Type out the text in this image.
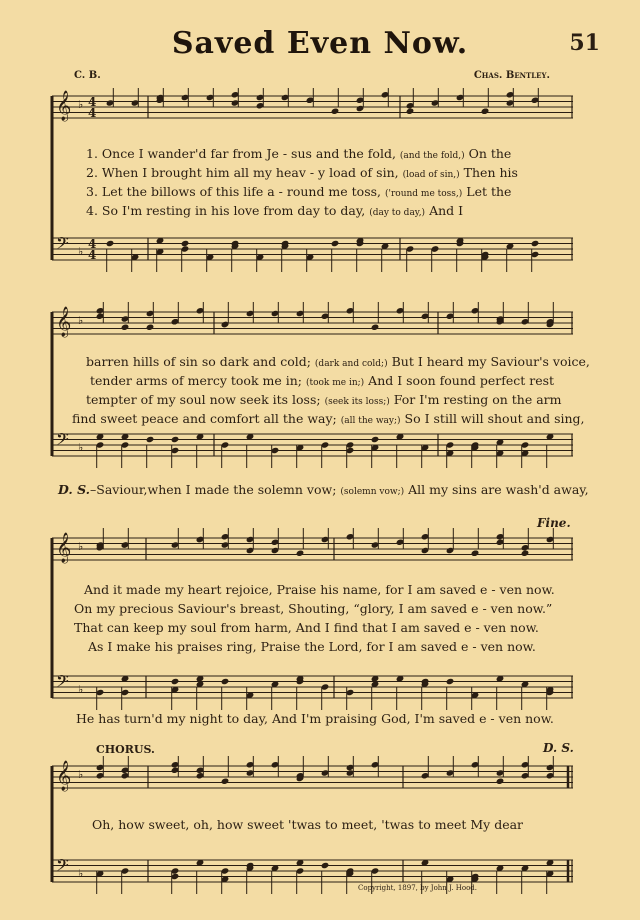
Saved Even Now.	51
C. B.	Chas. Bentley.
𝄞 ♭ 4
4
𝄢 ♭
4
4
1. Once I wander'd far from Je - sus and the fold, (and the fold,) On the
2. When I brought him all my heav - y load of sin, (load of sin,) Then his
3. Let the billows of this life a - round me toss, ('round me toss,) Let the
4. So I'm resting in his love from day to day, (day to day,) And I
𝄞 ♭
𝄢 ♭
barren hills of sin so dark and cold; (dark and cold;) But I heard my Saviour's voice,
tender arms of mercy took me in; (took me in;) And I soon found perfect rest
tempter of my soul now seek its loss; (seek its loss;) For I'm resting on the arm
find sweet peace and comfort all the way; (all the way;) So I still will shout and sing,
D. S.–Saviour,when I made the solemn vow; (solemn vow;) All my sins are wash'd away,
𝄞 ♭
𝄢 ♭
Fine.
And it made my heart rejoice, Praise his name, for I am saved e - ven now.
On my precious Saviour's breast, Shouting, “glory, I am saved e - ven now.”
That can keep my soul from harm, And I find that I am saved e - ven now.
As I make his praises ring, Praise the Lord, for I am saved e - ven now.
He has turn'd my night to day, And I'm praising God, I'm saved e - ven now.
CHORUS.	D. S.
𝄞 ♭
𝄢 ♭
Oh, how sweet, oh, how sweet 'twas to meet, 'twas to meet My dear
Copyright, 1897, by John J. Hood.
